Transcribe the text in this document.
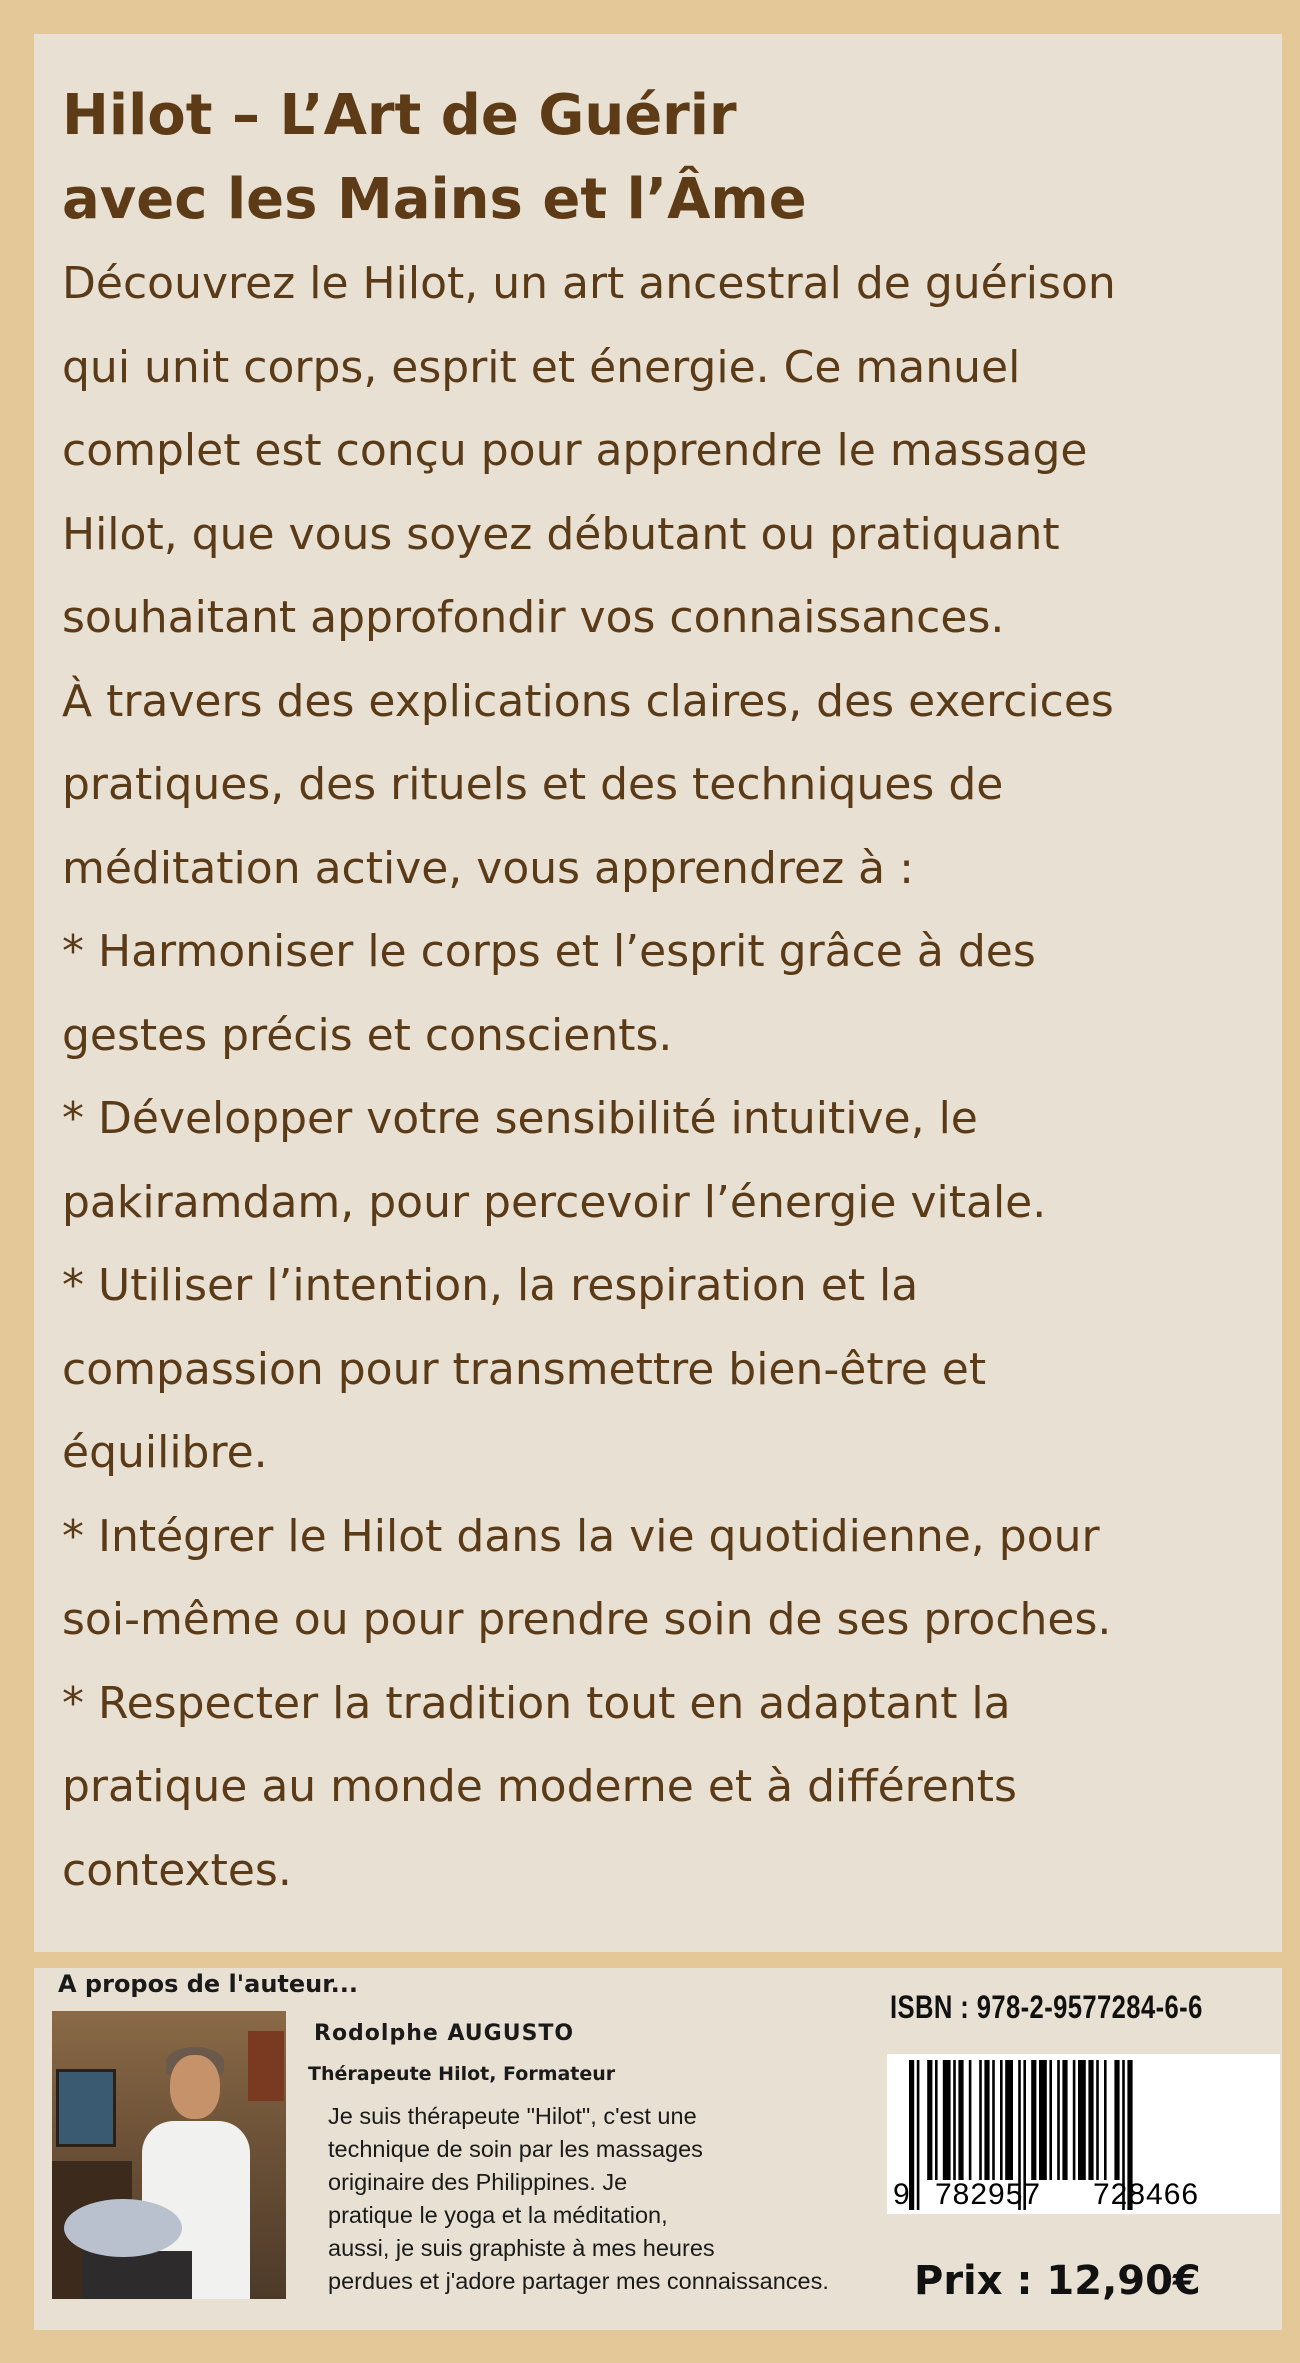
Hilot – L’Art de Guérir
avec les Mains et l’Âme

Découvrez le Hilot, un art ancestral de guérison
qui unit corps, esprit et énergie. Ce manuel
complet est conçu pour apprendre le massage
Hilot, que vous soyez débutant ou pratiquant
souhaitant approfondir vos connaissances.

À travers des explications claires, des exercices
pratiques, des rituels et des techniques de
méditation active, vous apprendrez à :

* Harmoniser le corps et l’esprit grâce à des
gestes précis et conscients.

* Développer votre sensibilité intuitive, le
pakiramdam, pour percevoir l’énergie vitale.

* Utiliser l’intention, la respiration et la
compassion pour transmettre bien-être et
équilibre.

* Intégrer le Hilot dans la vie quotidienne, pour
soi-même ou pour prendre soin de ses proches.

* Respecter la tradition tout en adaptant la
pratique au monde moderne et à différents
contextes.

A propos de l'auteur...
Rodolphe AUGUSTO
Thérapeute Hilot, Formateur

Je suis thérapeute "Hilot", c'est une
technique de soin par les massages
originaire des Philippines. Je
pratique le yoga et la méditation,
aussi, je suis graphiste à mes heures
perdues et j'adore partager mes connaissances.

ISBN : 978-2-9577284-6-6
9 782957 728466
Prix : 12,90€
